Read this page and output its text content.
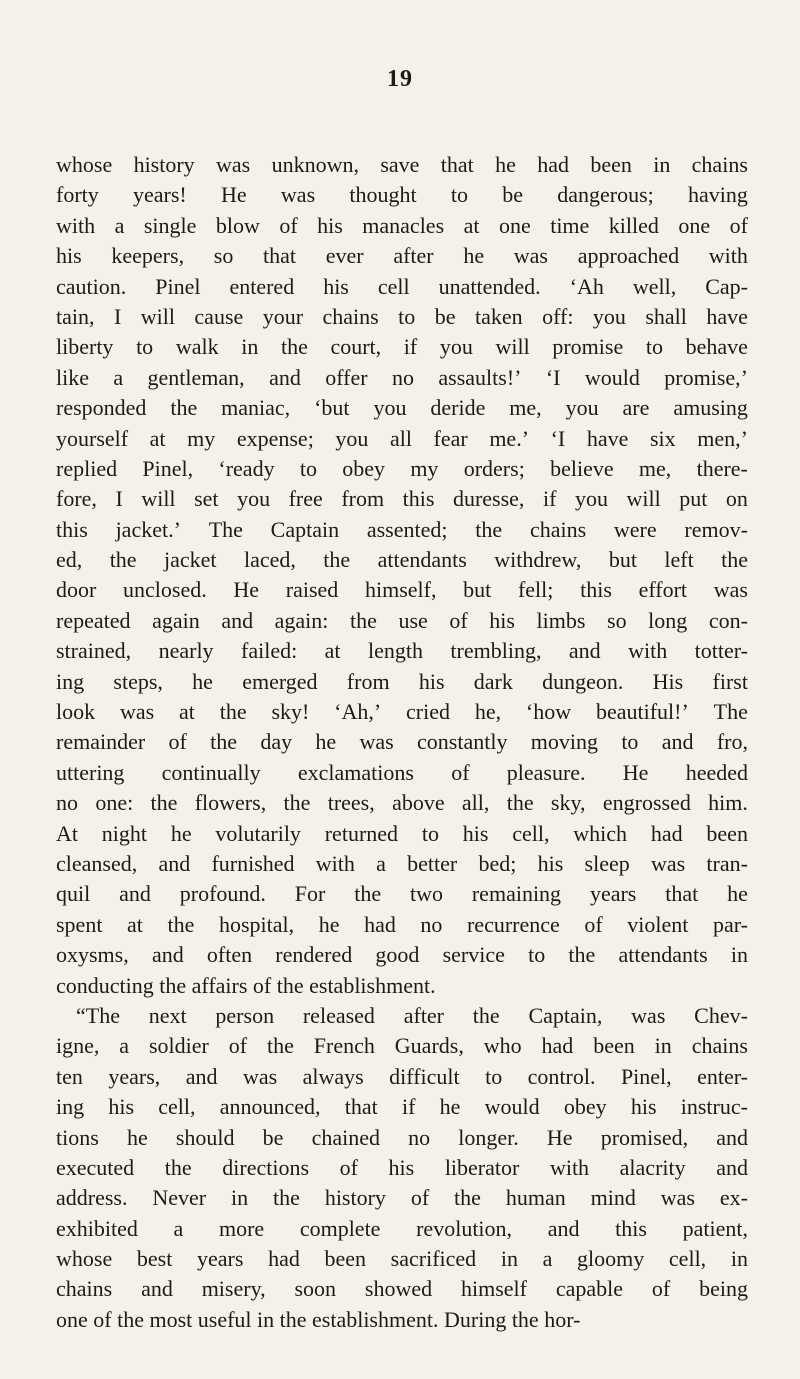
19
whose history was unknown, save that he had been in chains
forty years! He was thought to be dangerous; having
with a single blow of his manacles at one time killed one of
his keepers, so that ever after he was approached with
caution. Pinel entered his cell unattended. ‘Ah well, Cap-
tain, I will cause your chains to be taken off: you shall have
liberty to walk in the court, if you will promise to behave
like a gentleman, and offer no assaults!’ ‘I would promise,’
responded the maniac, ‘but you deride me, you are amusing
yourself at my expense; you all fear me.’ ‘I have six men,’
replied Pinel, ‘ready to obey my orders; believe me, there-
fore, I will set you free from this duresse, if you will put on
this jacket.’ The Captain assented; the chains were remov-
ed, the jacket laced, the attendants withdrew, but left the
door unclosed. He raised himself, but fell; this effort was
repeated again and again: the use of his limbs so long con-
strained, nearly failed: at length trembling, and with totter-
ing steps, he emerged from his dark dungeon. His first
look was at the sky! ‘Ah,’ cried he, ‘how beautiful!’ The
remainder of the day he was constantly moving to and fro,
uttering continually exclamations of pleasure. He heeded
no one: the flowers, the trees, above all, the sky, engrossed him.
At night he volutarily returned to his cell, which had been
cleansed, and furnished with a better bed; his sleep was tran-
quil and profound. For the two remaining years that he
spent at the hospital, he had no recurrence of violent par-
oxysms, and often rendered good service to the attendants in
conducting the affairs of the establishment.
“The next person released after the Captain, was Chev-
igne, a soldier of the French Guards, who had been in chains
ten years, and was always difficult to control. Pinel, enter-
ing his cell, announced, that if he would obey his instruc-
tions he should be chained no longer. He promised, and
executed the directions of his liberator with alacrity and
address. Never in the history of the human mind was ex-
exhibited a more complete revolution, and this patient,
whose best years had been sacrificed in a gloomy cell, in
chains and misery, soon showed himself capable of being
one of the most useful in the establishment. During the hor-
